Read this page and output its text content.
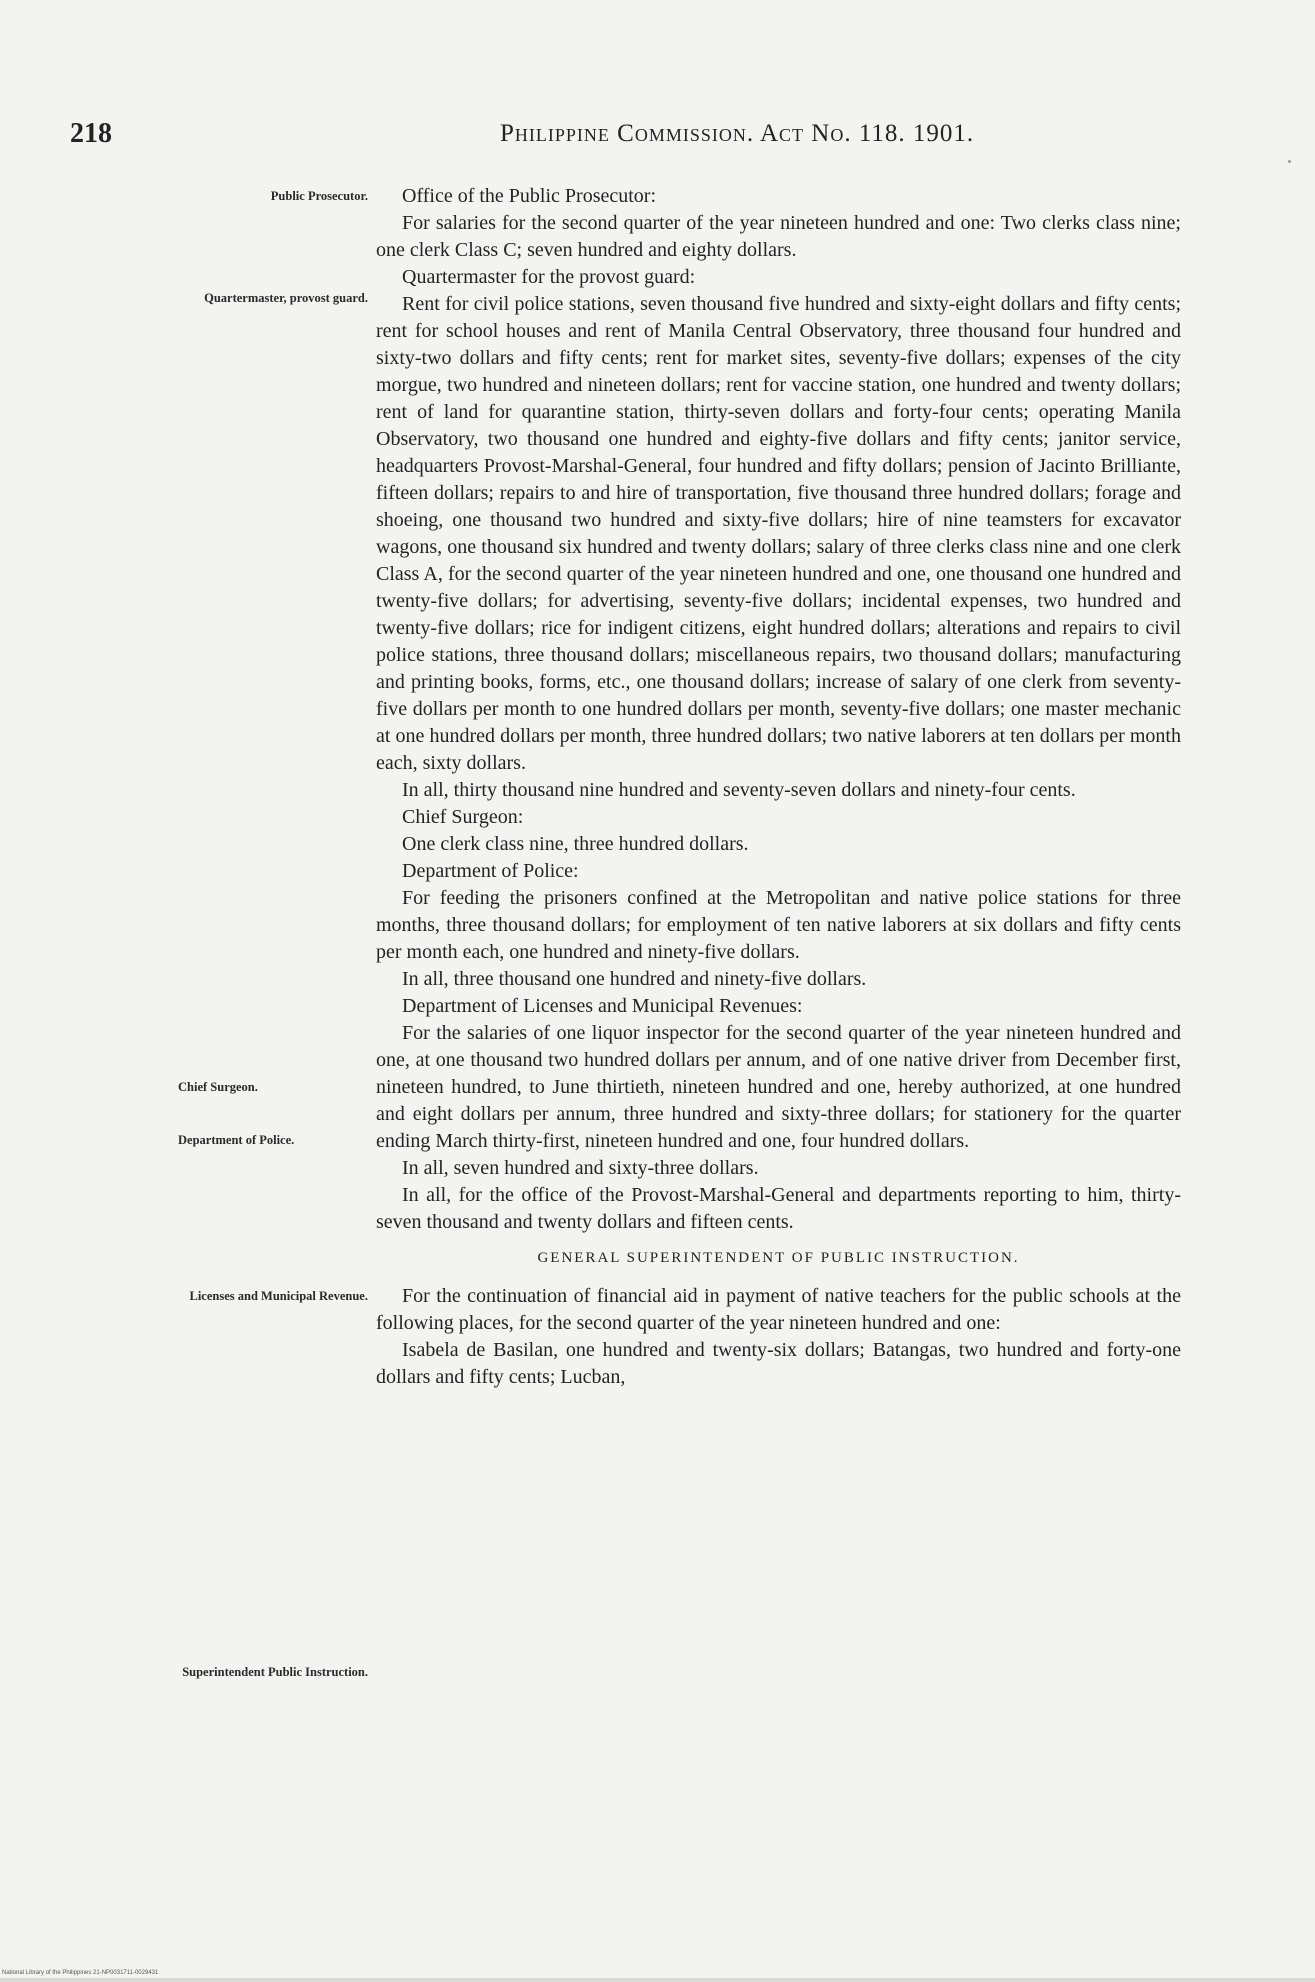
218	Philippine Commission. Act No. 118. 1901.
Public Prosecutor.
Quartermaster, provost guard.
Chief Surgeon.
Department of Police.
Licenses and Municipal Revenue.
Superintendent Public Instruction.

Office of the Public Prosecutor:

For salaries for the second quarter of the year nineteen hundred and one: Two clerks class nine; one clerk Class C; seven hundred and eighty dollars.

Quartermaster for the provost guard:

Rent for civil police stations, seven thousand five hundred and sixty-eight dollars and fifty cents; rent for school houses and rent of Manila Central Observatory, three thousand four hundred and sixty-two dollars and fifty cents; rent for market sites, seventy-five dollars; expenses of the city morgue, two hundred and nineteen dollars; rent for vaccine station, one hundred and twenty dollars; rent of land for quarantine station, thirty-seven dollars and forty-four cents; operating Manila Observatory, two thousand one hundred and eighty-five dollars and fifty cents; janitor service, headquarters Provost-Marshal-General, four hundred and fifty dollars; pension of Jacinto Brilliante, fifteen dollars; repairs to and hire of transportation, five thousand three hundred dollars; forage and shoeing, one thousand two hundred and sixty-five dollars; hire of nine teamsters for excavator wagons, one thousand six hundred and twenty dollars; salary of three clerks class nine and one clerk Class A, for the second quarter of the year nineteen hundred and one, one thousand one hundred and twenty-five dollars; for advertising, seventy-five dollars; incidental expenses, two hundred and twenty-five dollars; rice for indigent citizens, eight hundred dollars; alterations and repairs to civil police stations, three thousand dollars; miscellaneous repairs, two thousand dollars; manufacturing and printing books, forms, etc., one thousand dollars; increase of salary of one clerk from seventy-five dollars per month to one hundred dollars per month, seventy-five dollars; one master mechanic at one hundred dollars per month, three hundred dollars; two native laborers at ten dollars per month each, sixty dollars.

In all, thirty thousand nine hundred and seventy-seven dollars and ninety-four cents.

Chief Surgeon:

One clerk class nine, three hundred dollars.

Department of Police:

For feeding the prisoners confined at the Metropolitan and native police stations for three months, three thousand dollars; for employment of ten native laborers at six dollars and fifty cents per month each, one hundred and ninety-five dollars.

In all, three thousand one hundred and ninety-five dollars.

Department of Licenses and Municipal Revenues:

For the salaries of one liquor inspector for the second quarter of the year nineteen hundred and one, at one thousand two hundred dollars per annum, and of one native driver from December first, nineteen hundred, to June thirtieth, nineteen hundred and one, hereby authorized, at one hundred and eight dollars per annum, three hundred and sixty-three dollars; for stationery for the quarter ending March thirty-first, nineteen hundred and one, four hundred dollars.

In all, seven hundred and sixty-three dollars.

In all, for the office of the Provost-Marshal-General and departments reporting to him, thirty-seven thousand and twenty dollars and fifteen cents.

GENERAL SUPERINTENDENT OF PUBLIC INSTRUCTION.

For the continuation of financial aid in payment of native teachers for the public schools at the following places, for the second quarter of the year nineteen hundred and one:

Isabela de Basilan, one hundred and twenty-six dollars; Batangas, two hundred and forty-one dollars and fifty cents; Lucban,

National Library of the Philippines 21-NP0031711-0029431
